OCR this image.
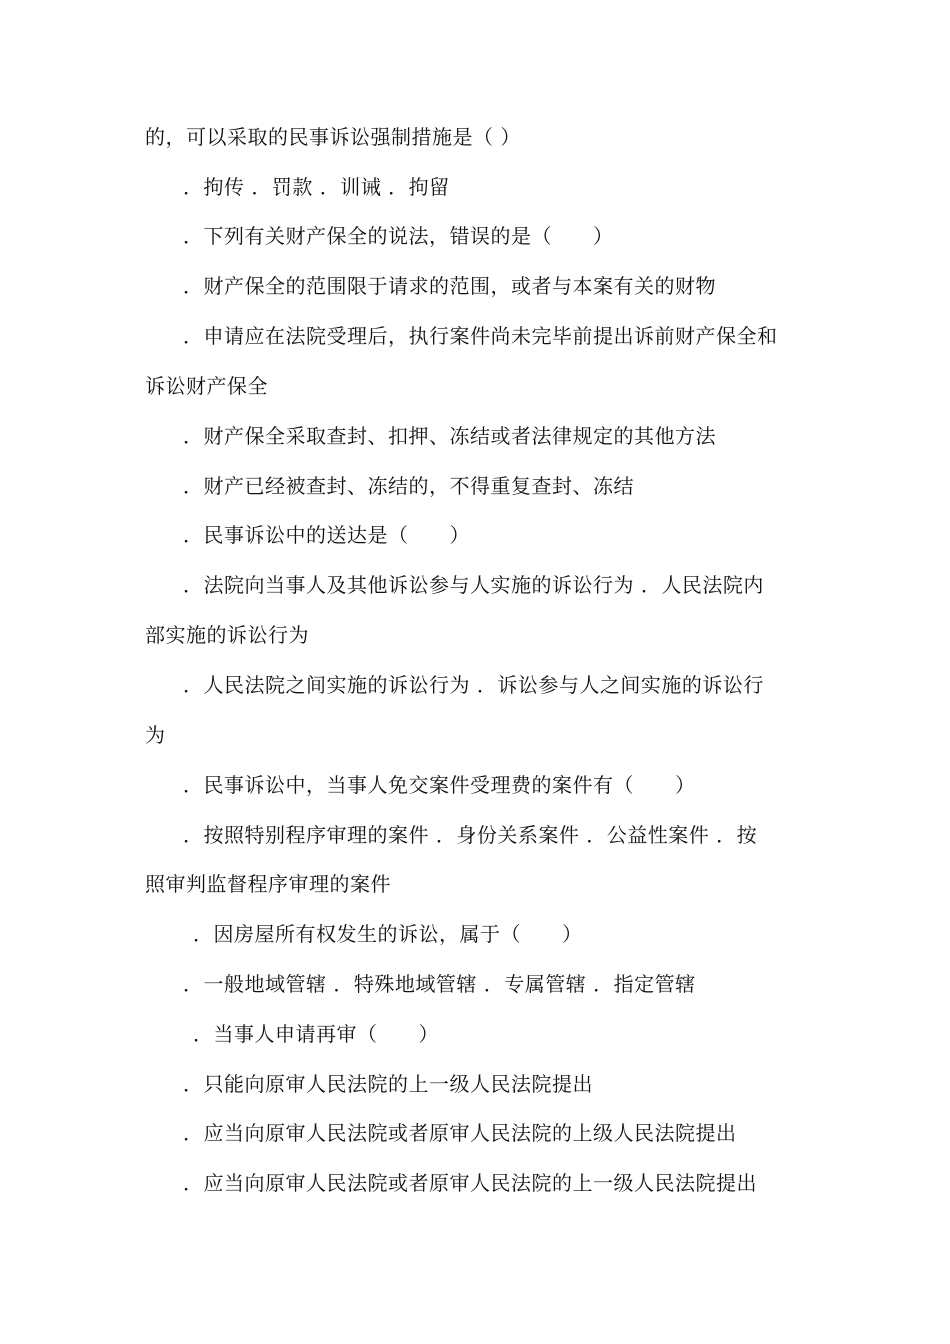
的，可以采取的民事诉讼强制措施是（ ）
．拘传 ．罚款 ．训诫 ．拘留
．下列有关财产保全的说法，错误的是（　　）
．财产保全的范围限于请求的范围，或者与本案有关的财物
．申请应在法院受理后，执行案件尚未完毕前提出诉前财产保全和
诉讼财产保全
．财产保全采取查封、扣押、冻结或者法律规定的其他方法
．财产已经被查封、冻结的，不得重复查封、冻结
．民事诉讼中的送达是（　　）
．法院向当事人及其他诉讼参与人实施的诉讼行为 ．人民法院内
部实施的诉讼行为
．人民法院之间实施的诉讼行为 ．诉讼参与人之间实施的诉讼行
为
．民事诉讼中，当事人免交案件受理费的案件有（　　）
．按照特别程序审理的案件 ．身份关系案件 ．公益性案件 ．按
照审判监督程序审理的案件
．因房屋所有权发生的诉讼，属于（　　）
．一般地域管辖 ．特殊地域管辖 ．专属管辖 ．指定管辖
．当事人申请再审（　　）
．只能向原审人民法院的上一级人民法院提出
．应当向原审人民法院或者原审人民法院的上级人民法院提出
．应当向原审人民法院或者原审人民法院的上一级人民法院提出
